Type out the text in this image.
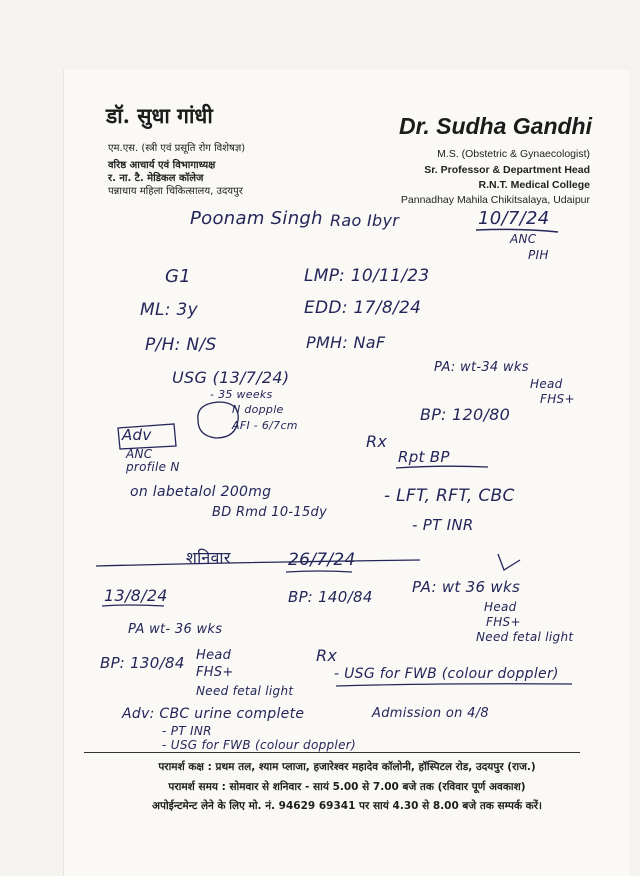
डॉ. सुधा गांधी
एम.एस. (स्त्री एवं प्रसूति रोग विशेषज्ञ)
वरिष्ठ आचार्य एवं विभागाध्यक्ष
र. ना. टै. मेडिकल कॉलेज
पन्नाधाय महिला चिकित्सालय, उदयपुर
Dr. Sudha Gandhi
M.S. (Obstetric & Gynaecologist)
Sr. Professor & Department Head
R.N.T. Medical College
Pannadhay Mahila Chikitsalaya, Udaipur
Poonam Singh Rao Ibyr	10/7/24
ANC
PIH
G1	LMP: 10/11/23
ML: 3y	EDD: 17/8/24
P/H: N/S	PMH: NaF
USG (13/7/24)
- 35 weeks
N dopple
AFI - 6/7cm
PA: wt-34 wks
Head
FHS+
BP: 120/80
Adv
ANC profile N
Rx
Rpt BP
- LFT, RFT, CBC
- PT INR
on labetalol 200mg
BD Rmd 10-15dy
शनिवार	26/7/24
13/8/24	BP: 140/84
PA: wt 36 wks
Head
FHS+
Need fetal light
PA wt- 36 wks
BP: 130/84 Head
FHS+
Need fetal light
Rx
- USG for FWB (colour doppler)
Adv: CBC urine complete	Admission on 4/8
- PT INR
- USG for FWB (colour doppler)
परामर्श कक्ष : प्रथम तल, श्याम प्लाजा, हजारेश्वर महादेव कॉलोनी, हॉस्पिटल रोड, उदयपुर (राज.)
परामर्श समय : सोमवार से शनिवार - सायं 5.00 से 7.00 बजे तक (रविवार पूर्ण अवकाश)
अपोईन्टमेन्ट लेने के लिए मो. नं. 94629 69341 पर सायं 4.30 से 8.00 बजे तक सम्पर्क करें।
